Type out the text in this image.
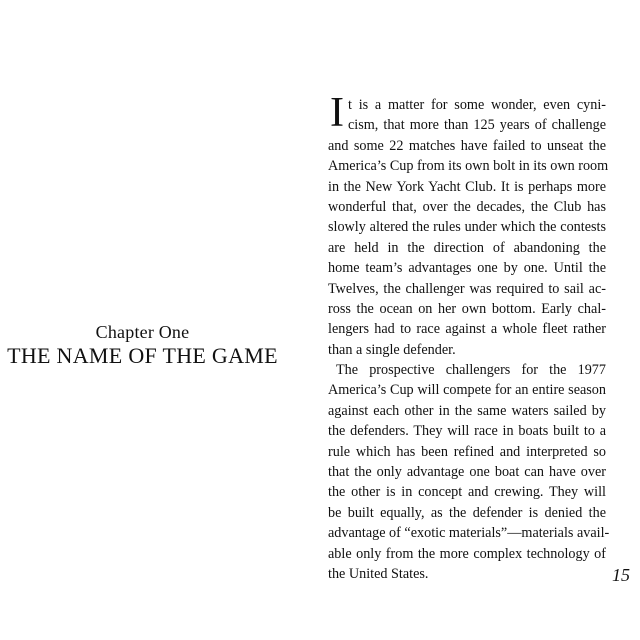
Chapter One
THE NAME OF THE GAME
I t is a matter for some wonder, even cyni-
cism, that more than 125 years of challenge
and some 22 matches have failed to unseat the
America’s Cup from its own bolt in its own room
in the New York Yacht Club. It is perhaps more
wonderful that, over the decades, the Club has
slowly altered the rules under which the contests
are held in the direction of abandoning the
home team’s advantages one by one. Until the
Twelves, the challenger was required to sail ac-
ross the ocean on her own bottom. Early chal-
lengers had to race against a whole fleet rather
than a single defender.
The prospective challengers for the 1977
America’s Cup will compete for an entire season
against each other in the same waters sailed by
the defenders. They will race in boats built to a
rule which has been refined and interpreted so
that the only advantage one boat can have over
the other is in concept and crewing. They will
be built equally, as the defender is denied the
advantage of “exotic materials”—materials avail-
able only from the more complex technology of
the United States.	15
